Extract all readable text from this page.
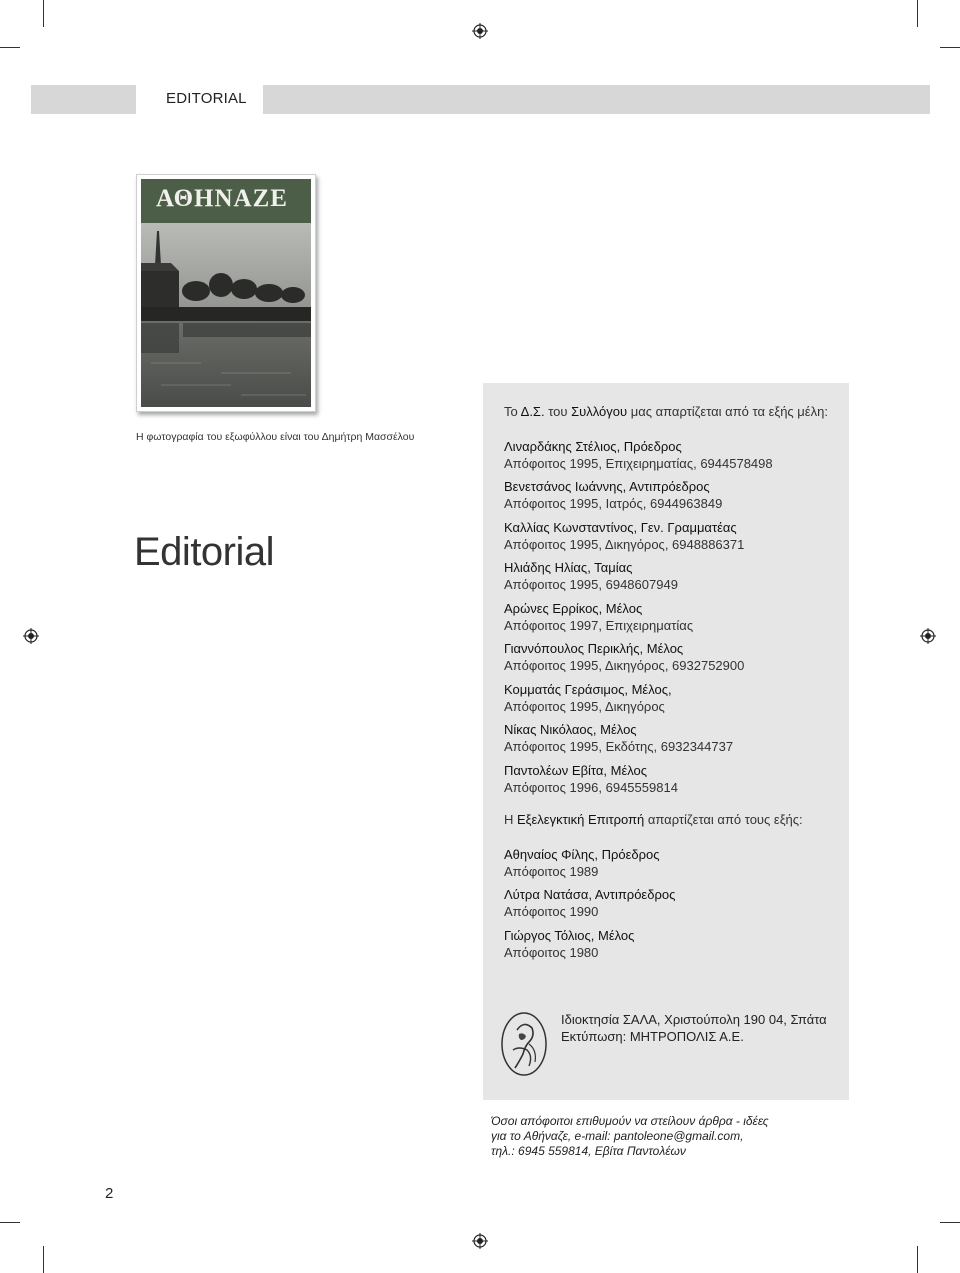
EDITORIAL
ΑΘΗΝΑΖΕ
Η φωτογραφία του εξωφύλλου είναι του Δημήτρη Μασσέλου
Editorial
Το Δ.Σ. του Συλλόγου μας απαρτίζεται από τα εξής μέλη:
Λιναρδάκης Στέλιος, Πρόεδρος
Απόφοιτος 1995, Επιχειρηματίας, 6944578498
Βενετσάνος Ιωάννης, Αντιπρόεδρος
Απόφοιτος 1995, Ιατρός, 6944963849
Καλλίας Κωνσταντίνος, Γεν. Γραμματέας
Απόφοιτος 1995, Δικηγόρος, 6948886371
Ηλιάδης Ηλίας, Ταμίας
Απόφοιτος 1995, 6948607949
Αρώνες Ερρίκος, Μέλος
Απόφοιτος 1997, Επιχειρηματίας
Γιαννόπουλος Περικλής, Μέλος
Απόφοιτος 1995, Δικηγόρος, 6932752900
Κομματάς Γεράσιμος, Μέλος,
Απόφοιτος 1995, Δικηγόρος
Νίκας Νικόλαος, Μέλος
Απόφοιτος 1995, Εκδότης, 6932344737
Παντολέων Εβίτα, Μέλος
Απόφοιτος 1996, 6945559814
Η Εξελεγκτική Επιτροπή απαρτίζεται από τους εξής:
Αθηναίος Φίλης, Πρόεδρος
Απόφοιτος 1989
Λύτρα Νατάσα, Αντιπρόεδρος
Απόφοιτος 1990
Γιώργος Τόλιος, Μέλος
Απόφοιτος 1980
Ιδιοκτησία ΣΑΛΑ, Χριστούπολη 190 04, Σπάτα
Εκτύπωση: ΜΗΤΡΟΠΟΛΙΣ Α.Ε.
Όσοι απόφοιτοι επιθυμούν να στείλουν άρθρα - ιδέες
για το Αθήναζε, e-mail: pantoleone@gmail.com,
τηλ.: 6945 559814, Εβίτα Παντολέων
2
